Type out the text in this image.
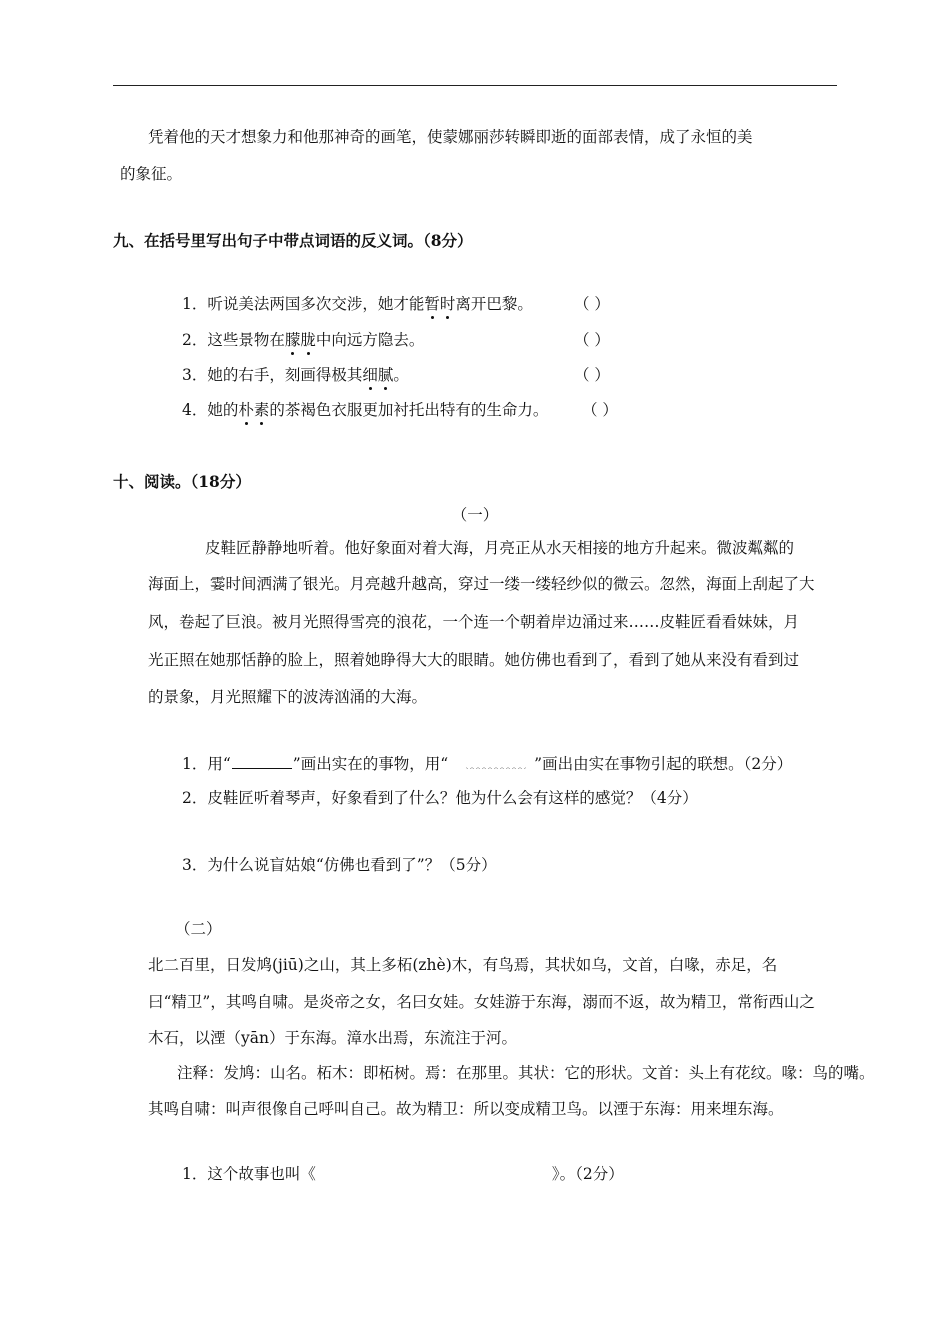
凭着他的天才想象力和他那神奇的画笔，使蒙娜丽莎转瞬即逝的面部表情，成了永恒的美
的象征。
九、在括号里写出句子中带点词语的反义词。（8分）
1．听说美法两国多次交涉，她才能暂时离开巴黎。	（ ）
2．这些景物在朦胧中向远方隐去。	（ ）
3．她的右手，刻画得极其细腻。	（ ）
4．她的朴素的茶褐色衣服更加衬托出特有的生命力。 （ ）
十、阅读。（18分）
（一）
皮鞋匠静静地听着。他好象面对着大海，月亮正从水天相接的地方升起来。微波粼粼的
海面上，霎时间洒满了银光。月亮越升越高，穿过一缕一缕轻纱似的微云。忽然，海面上刮起了大
风，卷起了巨浪。被月光照得雪亮的浪花，一个连一个朝着岸边涌过来……皮鞋匠看看妹妹，月
光正照在她那恬静的脸上，照着她睁得大大的眼睛。她仿佛也看到了，看到了她从来没有看到过
的景象，月光照耀下的波涛汹涌的大海。
1．用“	”画出实在的事物，用“	”画出由实在事物引起的联想。（2分）
2．皮鞋匠听着琴声，好象看到了什么？他为什么会有这样的感觉？（4分）
3．为什么说盲姑娘“仿佛也看到了”？（5分）
（二）
北二百里，日发鸠(jiū)之山，其上多柘(zhè)木，有鸟焉，其状如乌，文首，白喙，赤足，名
曰“精卫”，其鸣自啸。是炎帝之女，名曰女娃。女娃游于东海，溺而不返，故为精卫，常衔西山之
木石，以湮（yān）于东海。漳水出焉，东流注于河。
注释：发鸠：山名。柘木：即柘树。焉：在那里。其状：它的形状。文首：头上有花纹。喙：鸟的嘴。
其鸣自啸：叫声很像自己呼叫自己。故为精卫：所以变成精卫鸟。以湮于东海：用来埋东海。
1．这个故事也叫《	》。（2分）
